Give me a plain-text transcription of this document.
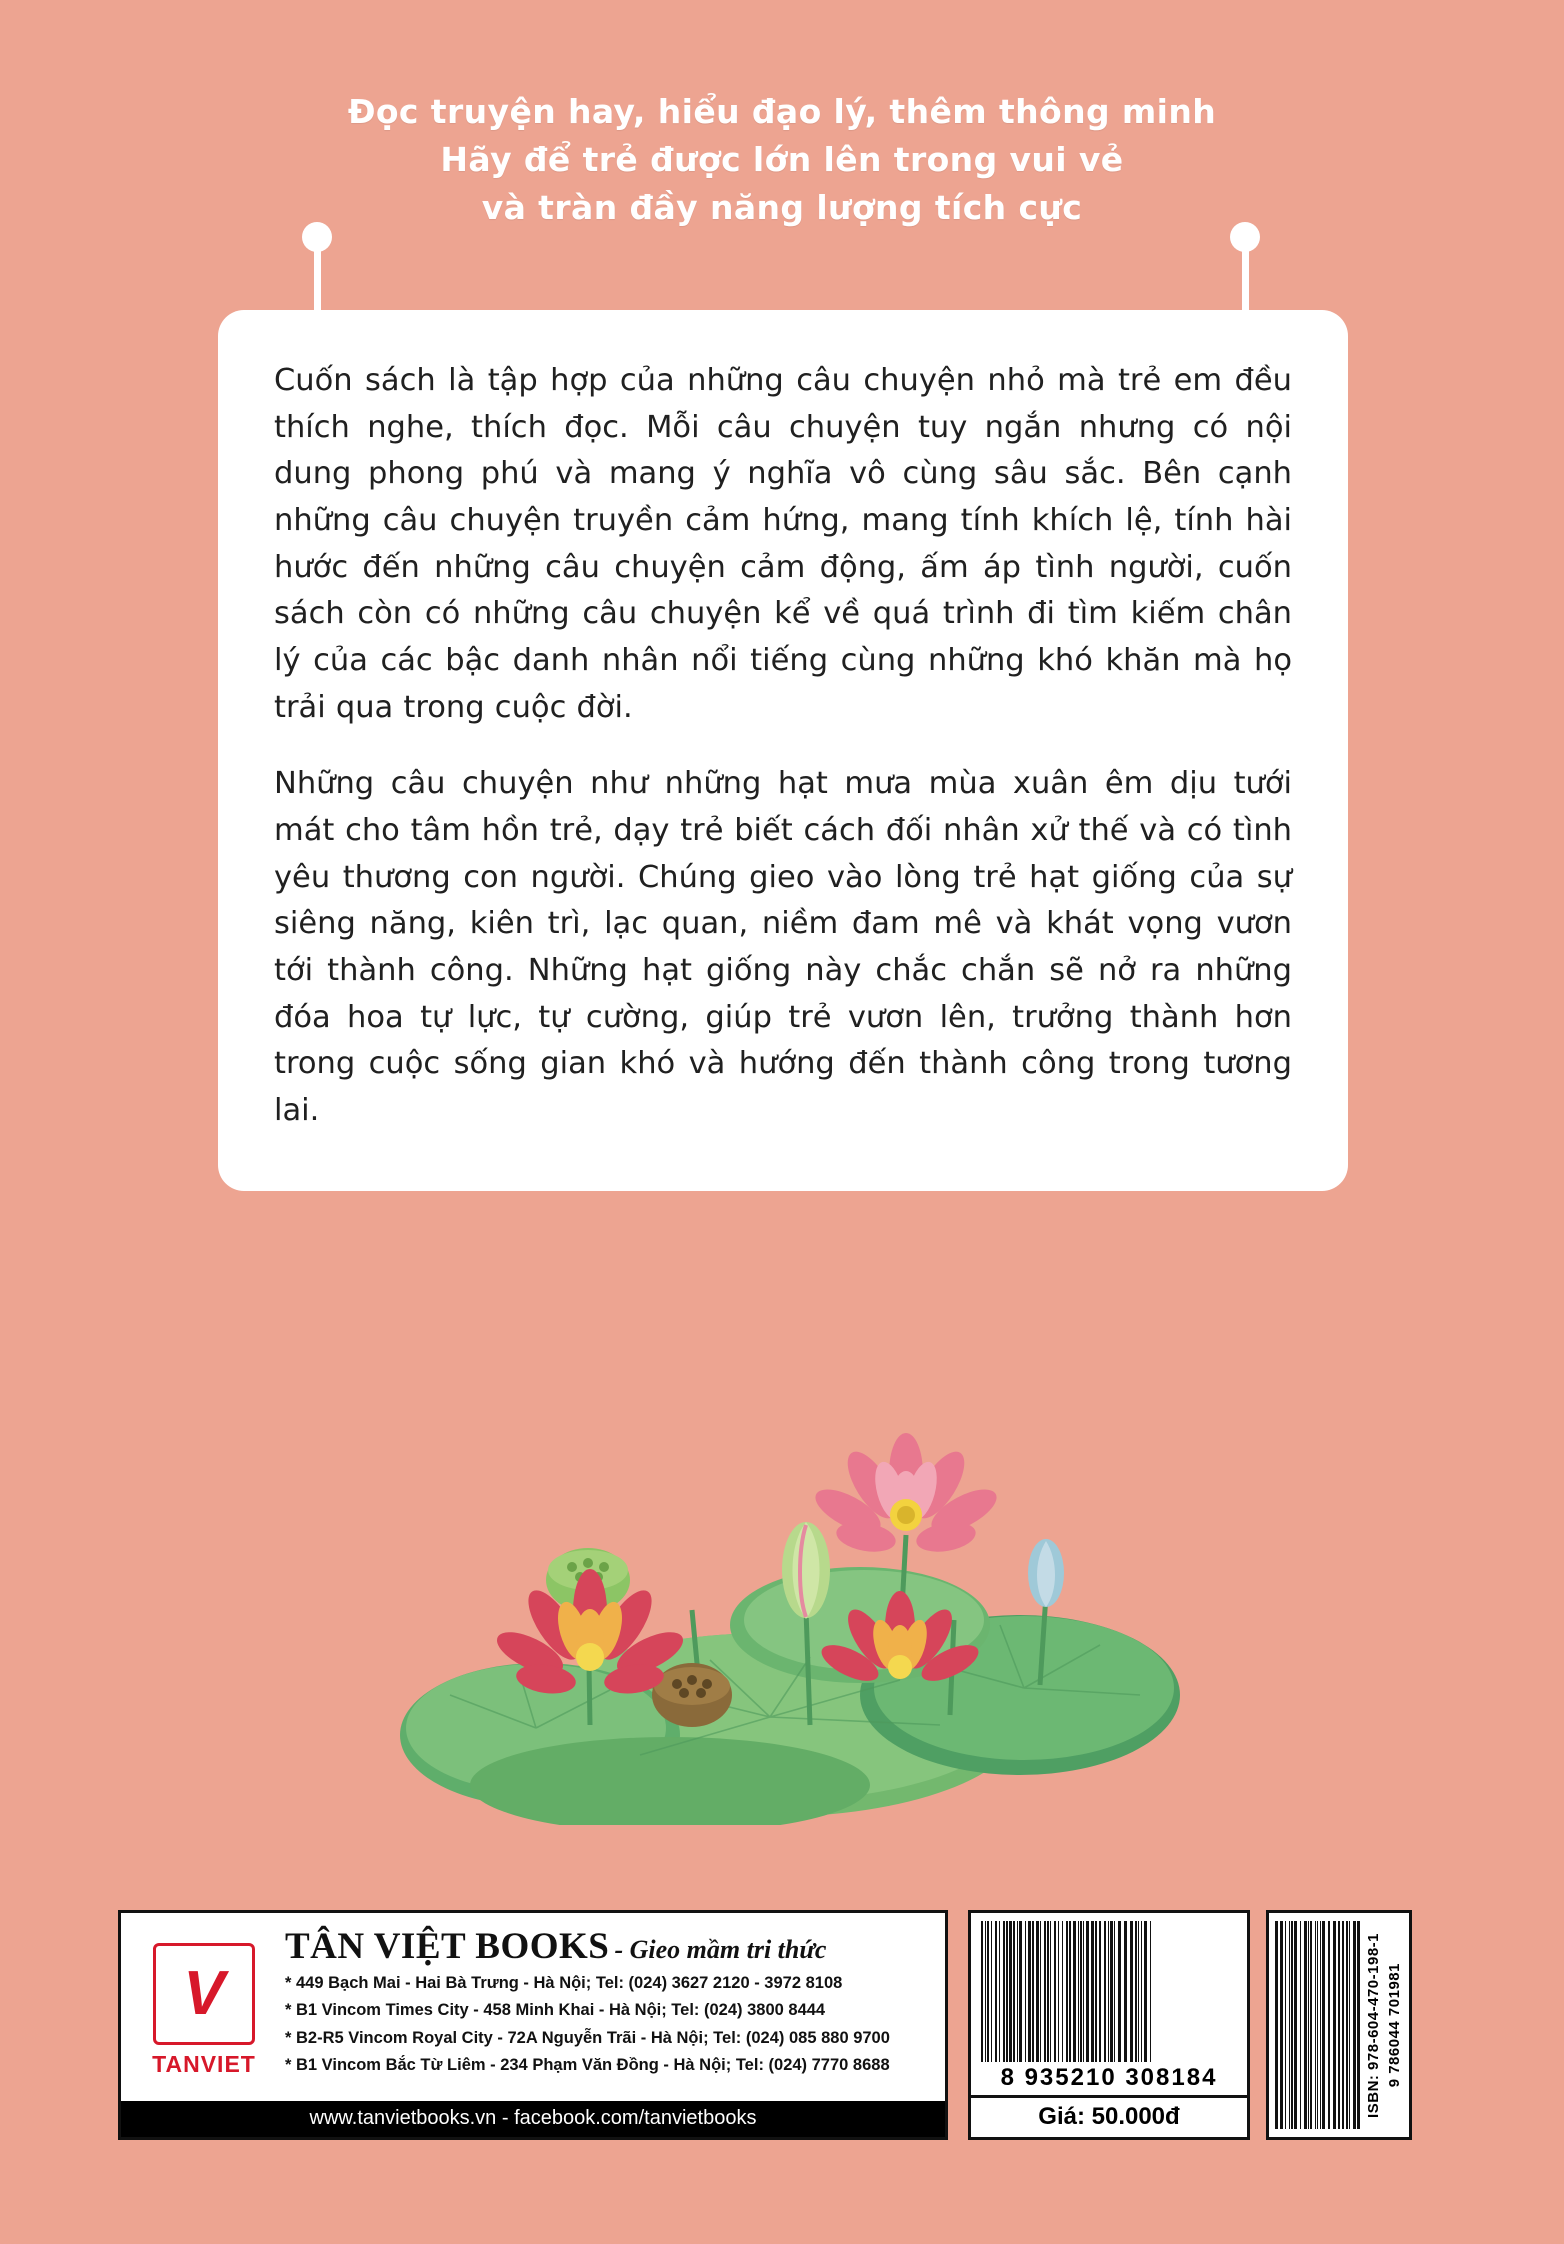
Đọc truyện hay, hiểu đạo lý, thêm thông minh
Hãy để trẻ được lớn lên trong vui vẻ
và tràn đầy năng lượng tích cực

Cuốn sách là tập hợp của những câu chuyện nhỏ mà trẻ em đều thích nghe, thích đọc. Mỗi câu chuyện tuy ngắn nhưng có nội dung phong phú và mang ý nghĩa vô cùng sâu sắc. Bên cạnh những câu chuyện truyền cảm hứng, mang tính khích lệ, tính hài hước đến những câu chuyện cảm động, ấm áp tình người, cuốn sách còn có những câu chuyện kể về quá trình đi tìm kiếm chân lý của các bậc danh nhân nổi tiếng cùng những khó khăn mà họ trải qua trong cuộc đời.

Những câu chuyện như những hạt mưa mùa xuân êm dịu tưới mát cho tâm hồn trẻ, dạy trẻ biết cách đối nhân xử thế và có tình yêu thương con người. Chúng gieo vào lòng trẻ hạt giống của sự siêng năng, kiên trì, lạc quan, niềm đam mê và khát vọng vươn tới thành công. Những hạt giống này chắc chắn sẽ nở ra những đóa hoa tự lực, tự cường, giúp trẻ vươn lên, trưởng thành hơn trong cuộc sống gian khó và hướng đến thành công trong tương lai.

V
TANVIET
TÂN VIỆT BOOKS - Gieo mầm tri thức
* 449 Bạch Mai - Hai Bà Trưng - Hà Nội; Tel: (024) 3627 2120 - 3972 8108
* B1 Vincom Times City - 458 Minh Khai - Hà Nội; Tel: (024) 3800 8444
* B2-R5 Vincom Royal City - 72A Nguyễn Trãi - Hà Nội; Tel: (024) 085 880 9700
* B1 Vincom Bắc Từ Liêm - 234 Phạm Văn Đồng - Hà Nội; Tel: (024) 7770 8688
www.tanvietbooks.vn - facebook.com/tanvietbooks
8 935210 308184
Giá: 50.000đ	ISBN: 978-604-470-198-1 9 786044 701981
